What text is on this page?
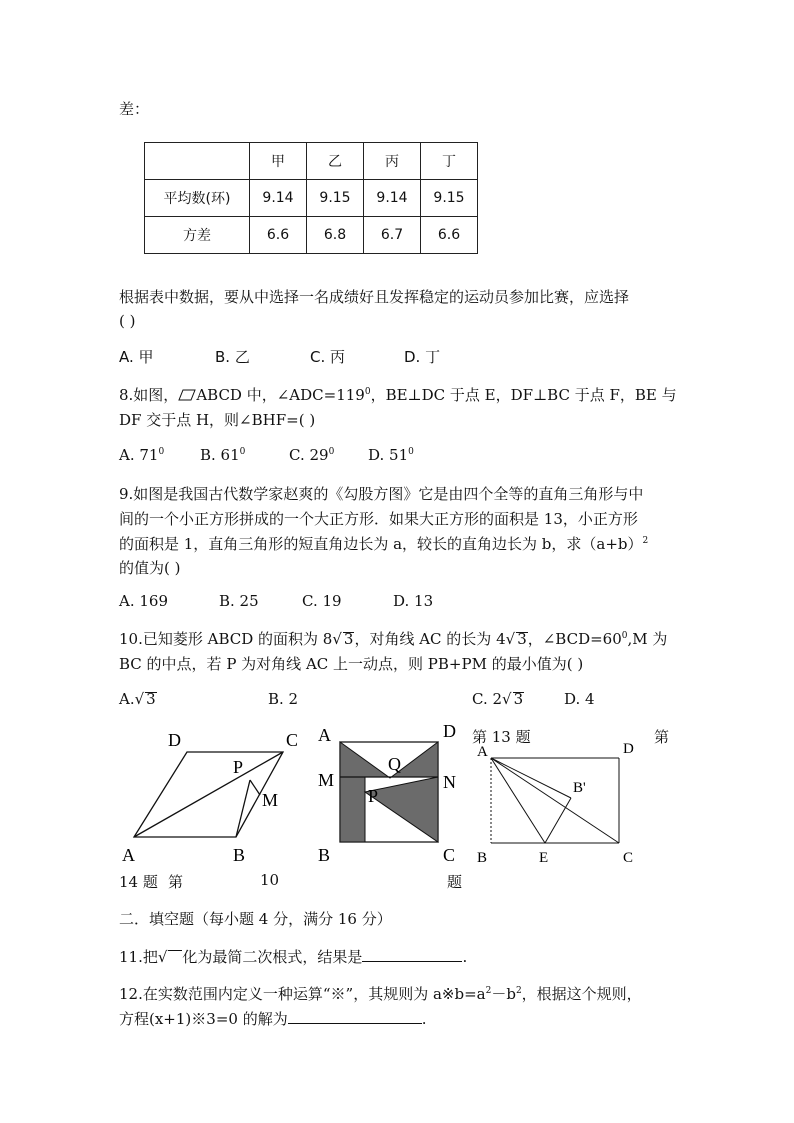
差：
	甲	乙	丙	丁
平均数(环)	9.14	9.15	9.14	9.15
方差	6.6	6.8	6.7	6.6
根据表中数据，要从中选择一名成绩好且发挥稳定的运动员参加比赛，应选择
( )
A. 甲	B. 乙	C. 丙	D. 丁
8.如图， ABCD 中，$\angle ADC=119^0$，BE⊥DC 于点 E，DF⊥BC 于点 F，BE 与
DF 交于点 H，则∠BHF=( )
A. $71^0$ B. $61^0$	C. $29^0$ D. $51^0$
9.如图是我国古代数学家赵爽的《勾股方图》它是由四个全等的直角三角形与中
间的一个小正方形拼成的一个大正方形．如果大正方形的面积是 13，小正方形
的面积是 1，直角三角形的短直角边长为 a，较长的直角边长为 b，求$(a+b)^2$
的值为( )
A. 169	B. 25	C. 19	D. 13
10.已知菱形 ABCD 的面积为 8√ 3，对角线 AC 的长为 4√ 3，$\angle BCD=60^0,M$ 为
BC 的中点，若 P 为对角线 AC 上一动点，则 PB+PM 的最小值为( )
A.√ 3	B. 2	C. 2√ 3	D. 4
D	C
P
M
A	B
A	D
Q
M	N
P
B	C
A	D
B'
B	E	C
第 13 题	第
14 题 第	10	题
二．填空题（每小题 4 分，满分 16 分）
11.把√ 化为最简二次根式，结果是	.
12.在实数范围内定义一种运算“※”，其规则为 $a※b=a^2-b^2$，根据这个规则，
方程(x+1)※3=0 的解为	.
